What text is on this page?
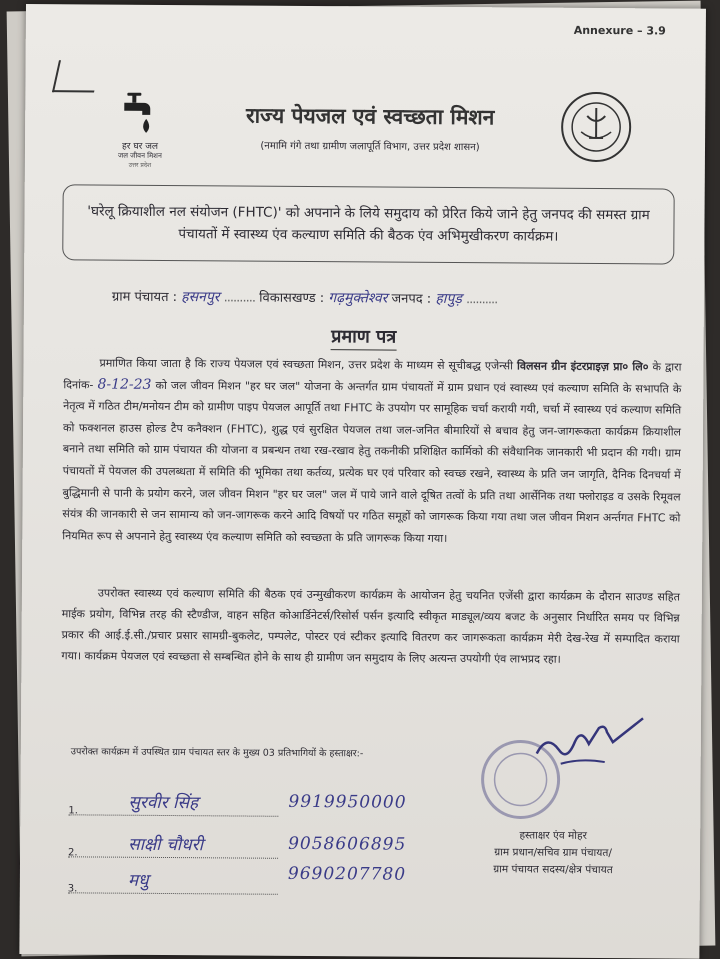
Annexure – 3.9
हर घर जल
जल जीवन मिशन
उत्तर प्रदेश
राज्य पेयजल एवं स्वच्छता मिशन
(नमामि गंगे तथा ग्रामीण जलापूर्ति विभाग, उत्तर प्रदेश शासन)
'घरेलू क्रियाशील नल संयोजन (FHTC)' को अपनाने के लिये समुदाय को प्रेरित किये जाने हेतु जनपद की समस्त ग्राम पंचायतों में स्वास्थ्य एंव कल्याण समिति की बैठक एंव अभिमुखीकरण कार्यक्रम।
ग्राम पंचायत : हसनपुर .......... विकासखण्ड : गढ़मुक्तेश्वर जनपद : हापुड़ ..........
प्रमाण पत्र
प्रमाणित किया जाता है कि राज्य पेयजल एवं स्वच्छता मिशन, उत्तर प्रदेश के माध्यम से सूचीबद्ध एजेन्सी विलसन ग्रीन इंटरप्राइज़ प्रा० लि० के द्वारा दिनांक- 8-12-23 को जल जीवन मिशन "हर घर जल" योजना के अन्तर्गत ग्राम पंचायतों में ग्राम प्रधान एवं स्वास्थ्य एवं कल्याण समिति के सभापति के नेतृत्व में गठित टीम/मनोयन टीम को ग्रामीण पाइप पेयजल आपूर्ति तथा FHTC के उपयोग पर सामूहिक चर्चा करायी गयी, चर्चा में स्वास्थ्य एवं कल्याण समिति को फक्शनल हाउस होल्ड टैप कनैक्शन (FHTC), शुद्ध एवं सुरक्षित पेयजल तथा जल-जनित बीमारियों से बचाव हेतु जन-जागरूकता कार्यक्रम क्रियाशील बनाने तथा समिति को ग्राम पंचायत की योजना व प्रबन्धन तथा रख-रखाव हेतु तकनीकी प्रशिक्षित कार्मिको की संवैधानिक जानकारी भी प्रदान की गयी। ग्राम पंचायतों में पेयजल की उपलब्धता में समिति की भूमिका तथा कर्तव्य, प्रत्येक घर एवं परिवार को स्वच्छ रखने, स्वास्थ्य के प्रति जन जागृति, दैनिक दिनचर्या में बुद्धिमानी से पानी के प्रयोग करने, जल जीवन मिशन "हर घर जल" जल में पाये जाने वाले दूषित तत्वों के प्रति तथा आर्सेनिक तथा फ्लोराइड व उसके रिमूवल संयंत्र की जानकारी से जन सामान्य को जन-जागरूक करने आदि विषयों पर गठित समूहों को जागरूक किया गया तथा जल जीवन मिशन अर्न्तगत FHTC को नियमित रूप से अपनाने हेतु स्वास्थ्य एंव कल्याण समिति को स्वच्छता के प्रति जागरूक किया गया।
उपरोक्त स्वास्थ्य एवं कल्याण समिति की बैठक एवं उन्मुखीकरण कार्यक्रम के आयोजन हेतु चयनित एजेंसी द्वारा कार्यक्रम के दौरान साउण्ड सहित माईक प्रयोग, विभिन्न तरह की स्टैण्डीज, वाहन सहित कोआर्डिनेटर्स/रिसोर्स पर्सन इत्यादि स्वीकृत माड्यूल/व्यय बजट के अनुसार निर्धारित समय पर विभिन्न प्रकार की आई.ई.सी./प्रचार प्रसार सामग्री-बुकलेट, पम्पलेट, पोस्टर एवं स्टीकर इत्यादि वितरण कर जागरूकता कार्यक्रम मेरी देख-रेख में सम्पादित कराया गया। कार्यक्रम पेयजल एवं स्वच्छता से सम्बन्धित होने के साथ ही ग्रामीण जन समुदाय के लिए अत्यन्त उपयोगी एंव लाभप्रद रहा।
उपरोक्त कार्यक्रम में उपस्थित ग्राम पंचायत स्तर के मुख्य 03 प्रतिभागियों के हस्ताक्षर:-
1.	सुरवीर सिंह	9919950000
2.	साक्षी चौधरी	9058606895
3.	मधु	9690207780
हस्ताक्षर एंव मोहर
ग्राम प्रधान/सचिव ग्राम पंचायत/
ग्राम पंचायत सदस्य/क्षेत्र पंचायत
